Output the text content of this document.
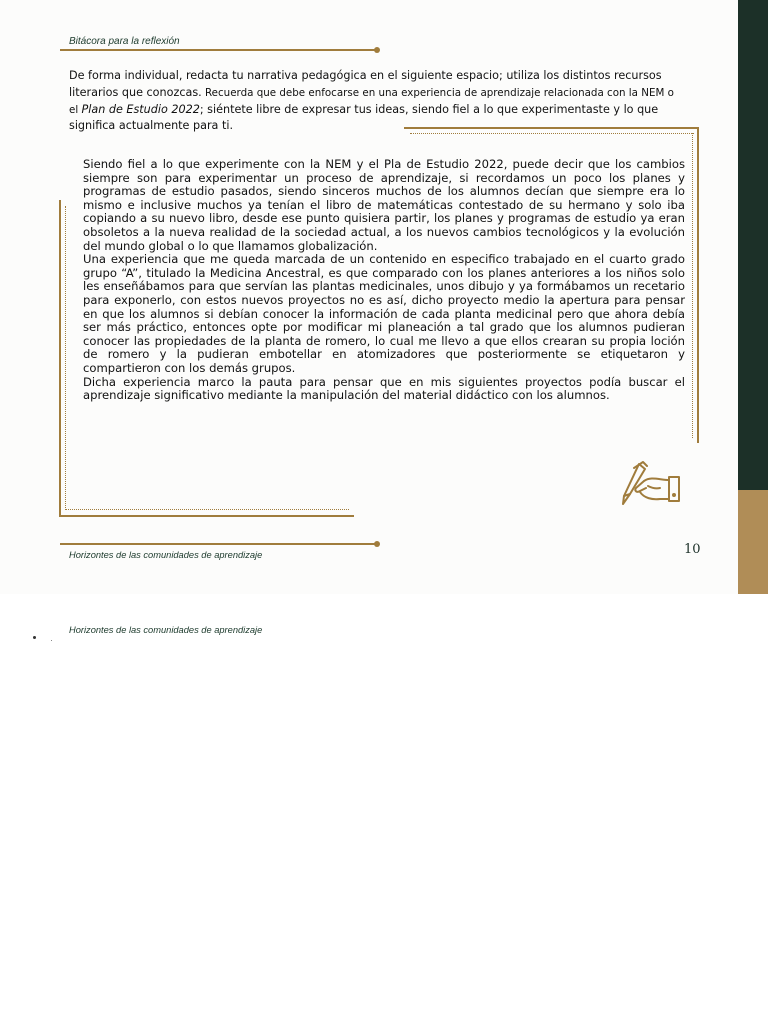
Bitácora para la reflexión
De forma individual, redacta tu narrativa pedagógica en el siguiente espacio; utiliza los distintos recursos
literarios que conozcas. Recuerda que debe enfocarse en una experiencia de aprendizaje relacionada con la NEM o
el Plan de Estudio 2022; siéntete libre de expresar tus ideas, siendo fiel a lo que experimentaste y lo que
significa actualmente para ti.

Siendo fiel a lo que experimente con la NEM y el Pla de Estudio 2022, puede decir que los cambios siempre son para experimentar un proceso de aprendizaje, si recordamos un poco los planes y programas de estudio pasados, siendo sinceros muchos de los alumnos decían que siempre era lo mismo e inclusive muchos ya tenían el libro de matemáticas contestado de su hermano y solo iba copiando a su nuevo libro, desde ese punto quisiera partir, los planes y programas de estudio ya eran obsoletos a la nueva realidad de la sociedad actual, a los nuevos cambios tecnológicos y la evolución del mundo global o lo que llamamos globalización.

Una experiencia que me queda marcada de un contenido en especifico trabajado en el cuarto grado grupo “A”, titulado la Medicina Ancestral, es que comparado con los planes anteriores a los niños solo les enseñábamos para que servían las plantas medicinales, unos dibujo y ya formábamos un recetario para exponerlo, con estos nuevos proyectos no es así, dicho proyecto medio la apertura para pensar en que los alumnos si debían conocer la información de cada planta medicinal pero que ahora debía ser más práctico, entonces opte por modificar mi planeación a tal grado que los alumnos pudieran conocer las propiedades de la planta de romero, lo cual me llevo a que ellos crearan su propia loción de romero y la pudieran embotellar en atomizadores que posteriormente se etiquetaron y compartieron con los demás grupos.

Dicha experiencia marco la pauta para pensar que en mis siguientes proyectos podía buscar el aprendizaje significativo mediante la manipulación del material didáctico con los alumnos.

Horizontes de las comunidades de aprendizaje	10
Horizontes de las comunidades de aprendizaje
